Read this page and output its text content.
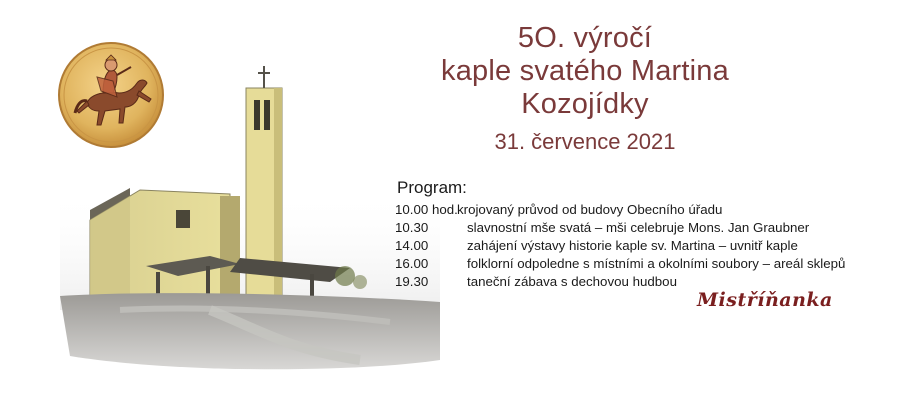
5O. výročí
kaple svatého Martina
Kozojídky
31. července 2021
Program:
10.00 hod. krojovaný průvod od budovy Obecního úřadu
10.30	slavnostní mše svatá – mši celebruje Mons. Jan Graubner
14.00	zahájení výstavy historie kaple sv. Martina – uvnitř kaple
16.00	folklorní odpoledne s místními a okolními soubory – areál sklepů
19.30	taneční zábava s dechovou hudbou
Mistříňanka
